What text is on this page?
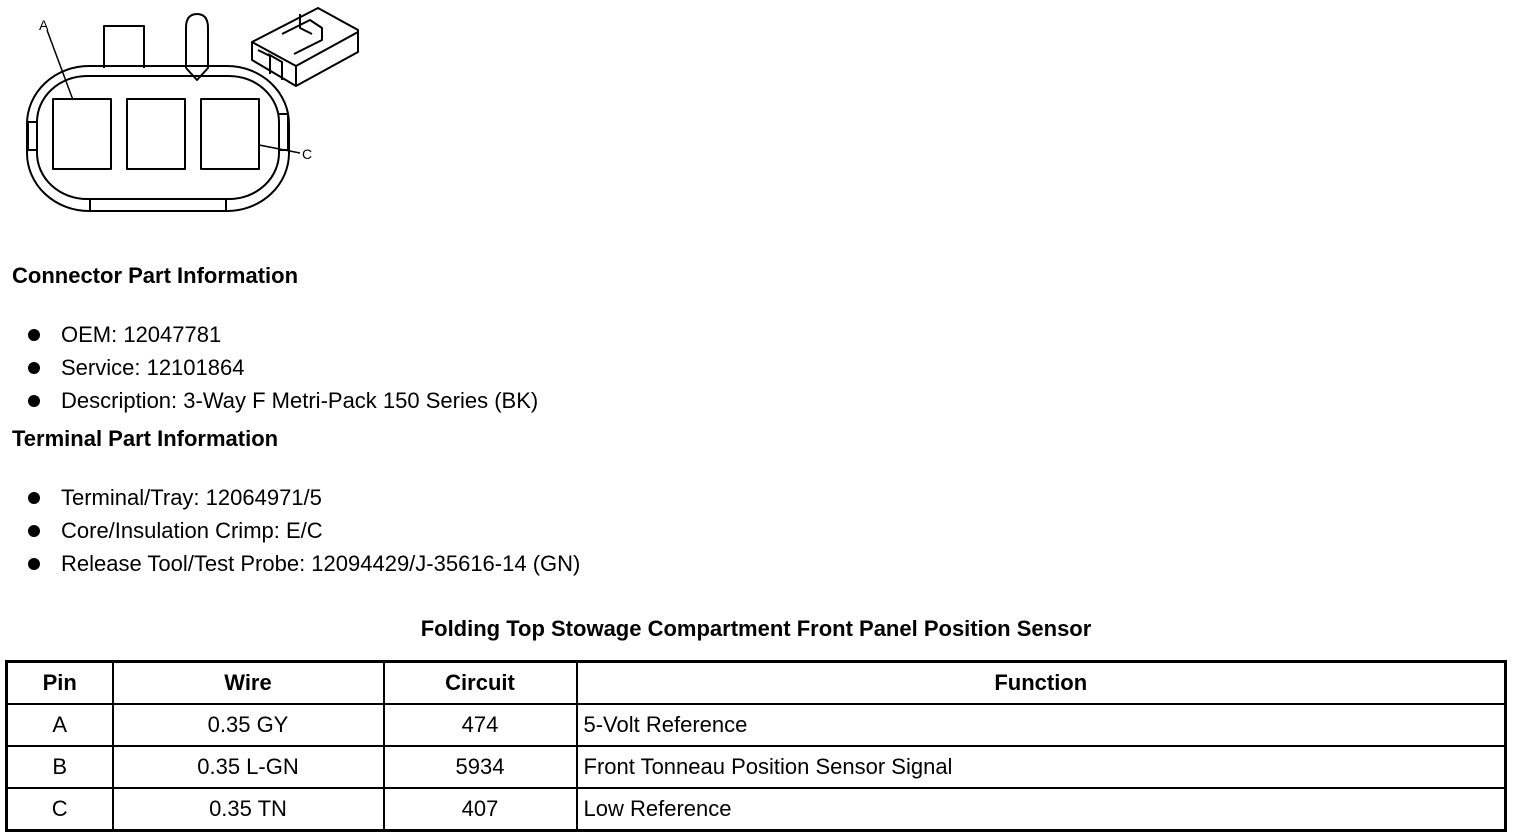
A
C
Connector Part Information
OEM: 12047781
Service: 12101864
Description: 3-Way F Metri-Pack 150 Series (BK)
Terminal Part Information
Terminal/Tray: 12064971/5
Core/Insulation Crimp: E/C
Release Tool/Test Probe: 12094429/J-35616-14 (GN)
Folding Top Stowage Compartment Front Panel Position Sensor
Pin	Wire	Circuit	Function
A	0.35 GY	474	5-Volt Reference
B	0.35 L-GN	5934	Front Tonneau Position Sensor Signal
C	0.35 TN	407	Low Reference
